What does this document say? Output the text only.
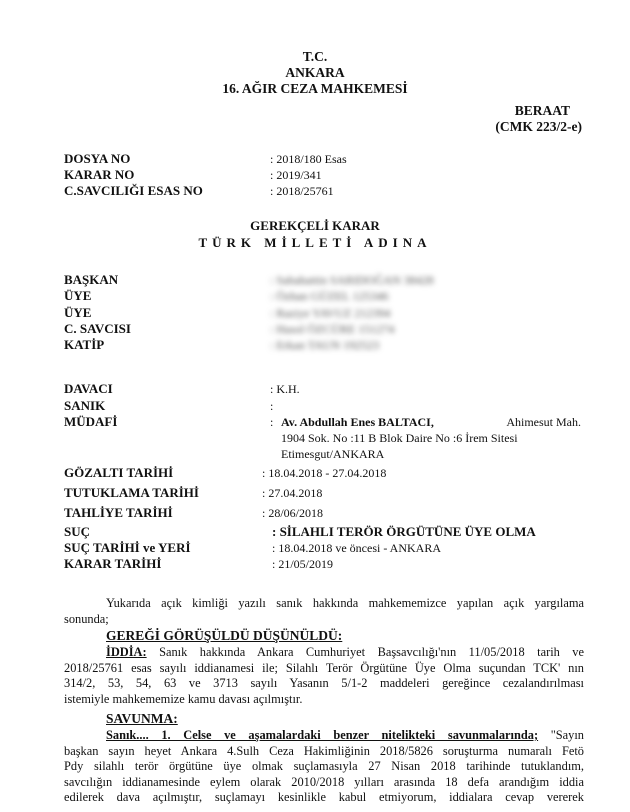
T.C.
ANKARA
16. AĞIR CEZA MAHKEMESİ
BERAAT
(CMK 223/2-e)
DOSYA NO	: 2018/180 Esas
KARAR NO	: 2019/341
C.SAVCILIĞI ESAS NO	: 2018/25761
GEREKÇELİ KARAR
TÜRK MİLLETİ ADINA
BAŞKAN	: Sabahattin SARIDOĞAN 38428
ÜYE	: Özhan GÜZEL 125346
ÜYE	: Raziye YAVUZ 212394
C. SAVCISI	: Hasol ÖZCÜRE 151274
KATİP	: Erkan TAUN 192523
DAVACI	: K.H.
SANIK	:
MÜDAFİ	: Av. Abdullah Enes BALTACI,	Ahimesut Mah.
1904 Sok. No :11 B Blok Daire No :6 İrem Sitesi
Etimesgut/ANKARA
GÖZALTI TARİHİ	: 18.04.2018 - 27.04.2018
TUTUKLAMA TARİHİ	: 27.04.2018
TAHLİYE TARİHİ	: 28/06/2018
SUÇ	: SİLAHLI TERÖR ÖRGÜTÜNE ÜYE OLMA
SUÇ TARİHİ ve YERİ	: 18.04.2018 ve öncesi - ANKARA
KARAR TARİHİ	: 21/05/2019
Yukarıda açık kimliği yazılı sanık hakkında mahkememizce yapılan açık yargılama
sonunda;
GEREĞİ GÖRÜŞÜLDÜ DÜŞÜNÜLDÜ:
İDDİA: Sanık hakkında Ankara Cumhuriyet Başsavcılığı'nın 11/05/2018 tarih ve
2018/25761 esas sayılı iddianamesi ile; Silahlı Terör Örgütüne Üye Olma suçundan TCK' nın
314/2, 53, 54, 63 ve 3713 sayılı Yasanın 5/1-2 maddeleri gereğince cezalandırılması
istemiyle mahkememize kamu davası açılmıştır.
SAVUNMA:
Sanık.... 1. Celse ve aşamalardaki benzer nitelikteki savunmalarında; "Sayın
başkan sayın heyet Ankara 4.Sulh Ceza Hakimliğinin 2018/5826 soruşturma numaralı Fetö
Pdy silahlı terör örgütüne üye olmak suçlamasıyla 27 Nisan 2018 tarihinde tutuklandım,
savcılığın iddianamesinde eylem olarak 2010/2018 yılları arasında 18 defa arandığım iddia
edilerek dava açılmıştır, suçlamayı kesinlikle kabul etmiyorum, iddialara cevap vererek
